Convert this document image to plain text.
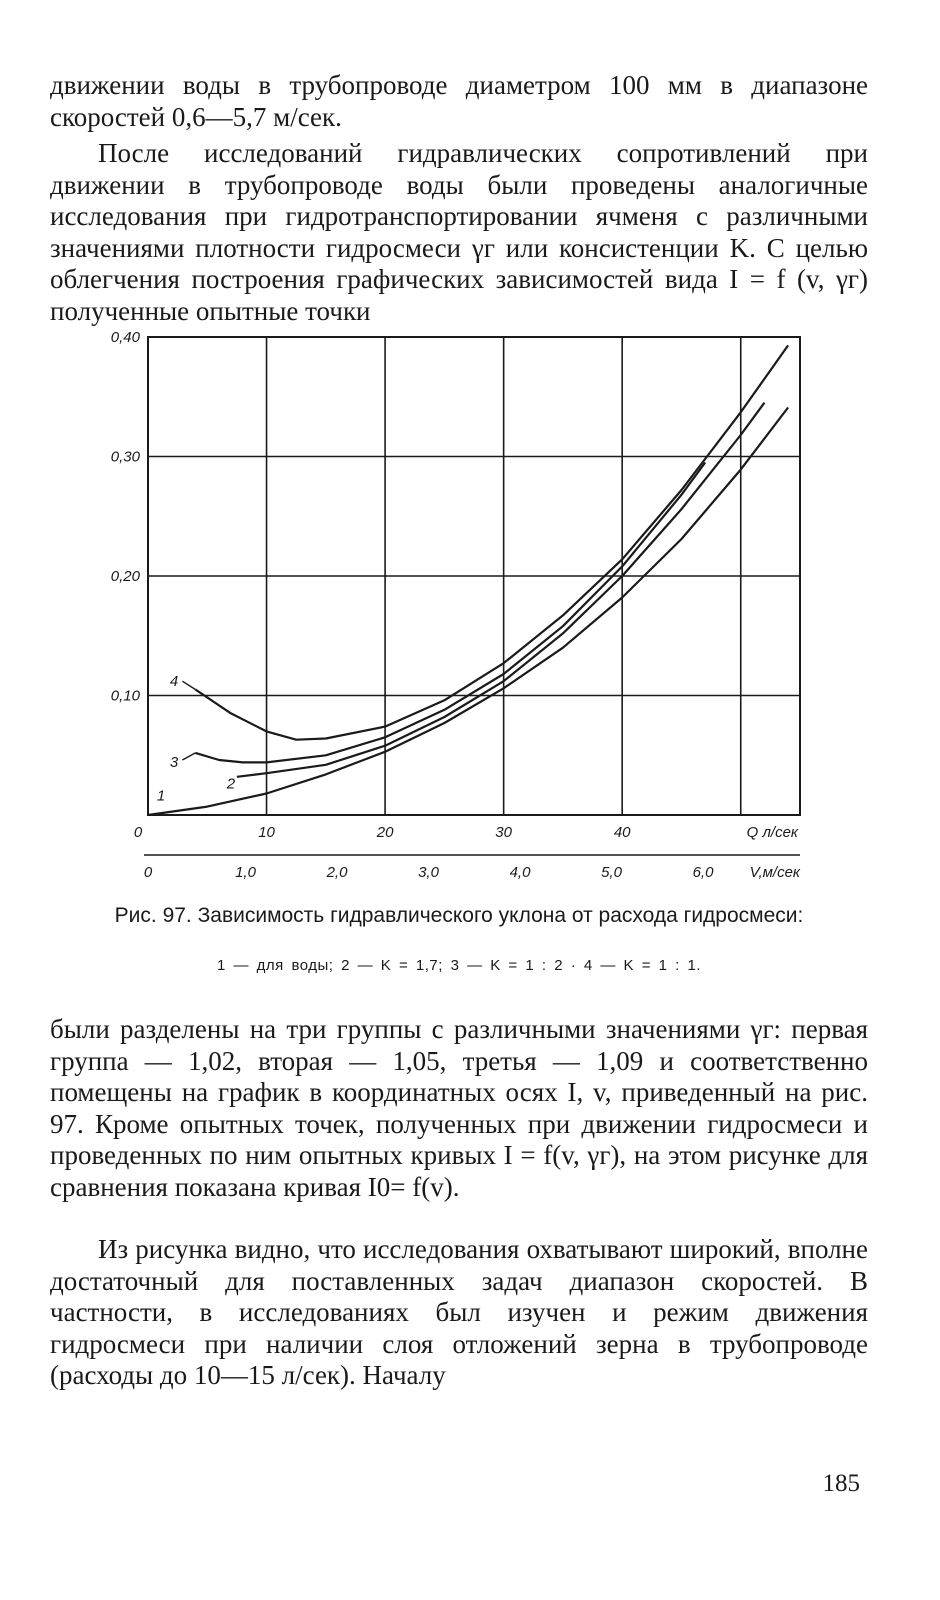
движении воды в трубопроводе диаметром 100 мм в диапазоне скоростей 0,6—5,7 м/сек.

После исследований гидравлических сопротивлений при движении в трубопроводе воды были проведены аналогичные исследования при гидротранспортировании ячменя с различными значениями плотности гидросмеси γг или консистенции K. С целью облегчения построения графических зависимостей вида I = f (v, γг) полученные опытные точки

0,40
0,30
0,20
0,10
0	10	20	30	40	Q л/сек
0	1,0	2,0	3,0	4,0	5,0	6,0 V,м/сек
1
2
3
4
Рис. 97. Зависимость гидравлического уклона от расхода гидросмеси:
1 — для воды; 2 — K = 1,7; 3 — K = 1 : 2 · 4 — K = 1 : 1.

были разделены на три группы с различными значениями γг: первая группа — 1,02, вторая — 1,05, третья — 1,09 и соответственно помещены на график в координатных осях I, v, приведенный на рис. 97. Кроме опытных точек, полученных при движении гидросмеси и проведенных по ним опытных кривых I = f(v, γг), на этом рисунке для сравнения показана кривая I0= f(v).

Из рисунка видно, что исследования охватывают широкий, вполне достаточный для поставленных задач диапазон скоростей. В частности, в исследованиях был изучен и режим движения гидросмеси при наличии слоя отложений зерна в трубопроводе (расходы до 10—15 л/сек). Началу

185
